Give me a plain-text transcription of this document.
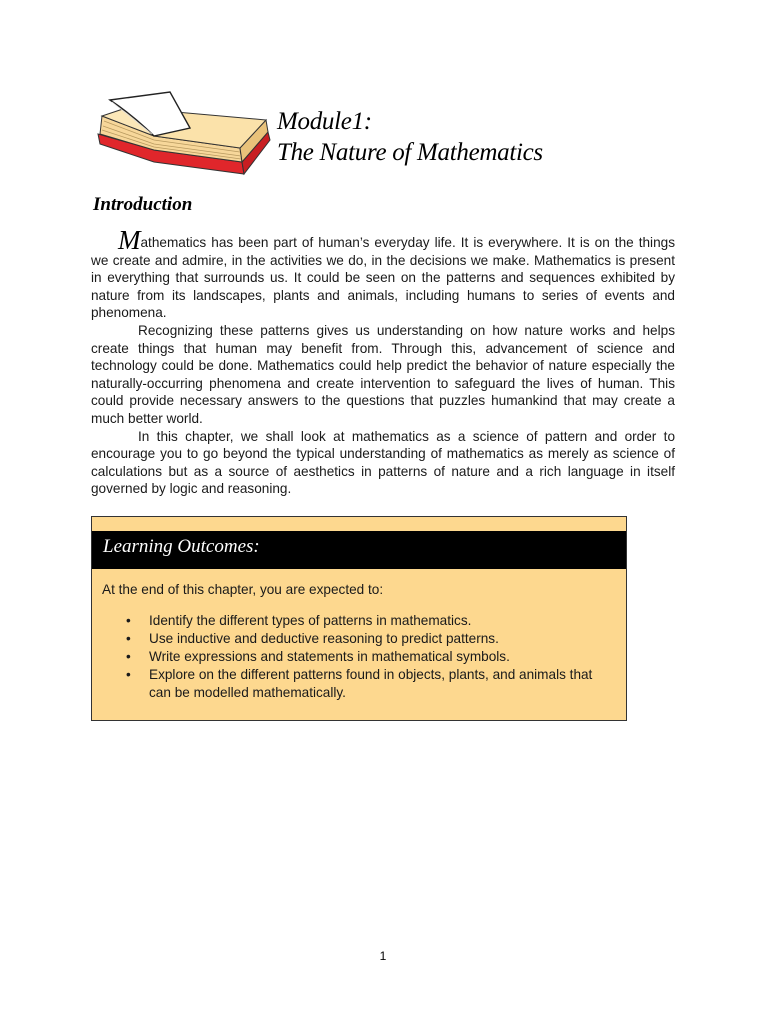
Module1:
The Nature of Mathematics
Introduction

Mathematics has been part of human’s everyday life. It is everywhere. It is on the things we create and admire, in the activities we do, in the decisions we make. Mathematics is present in everything that surrounds us. It could be seen on the patterns and sequences exhibited by nature from its landscapes, plants and animals, including humans to series of events and phenomena.

Recognizing these patterns gives us understanding on how nature works and helps create things that human may benefit from. Through this, advancement of science and technology could be done. Mathematics could help predict the behavior of nature especially the naturally-occurring phenomena and create intervention to safeguard the lives of human. This could provide necessary answers to the questions that puzzles humankind that may create a much better world.

In this chapter, we shall look at mathematics as a science of pattern and order to encourage you to go beyond the typical understanding of mathematics as merely as science of calculations but as a source of aesthetics in patterns of nature and a rich language in itself governed by logic and reasoning.

Learning Outcomes:
At the end of this chapter, you are expected to:
• Identify the different types of patterns in mathematics.
• Use inductive and deductive reasoning to predict patterns.
• Write expressions and statements in mathematical symbols.
• Explore on the different patterns found in objects, plants, and animals that can be modelled mathematically.
1
